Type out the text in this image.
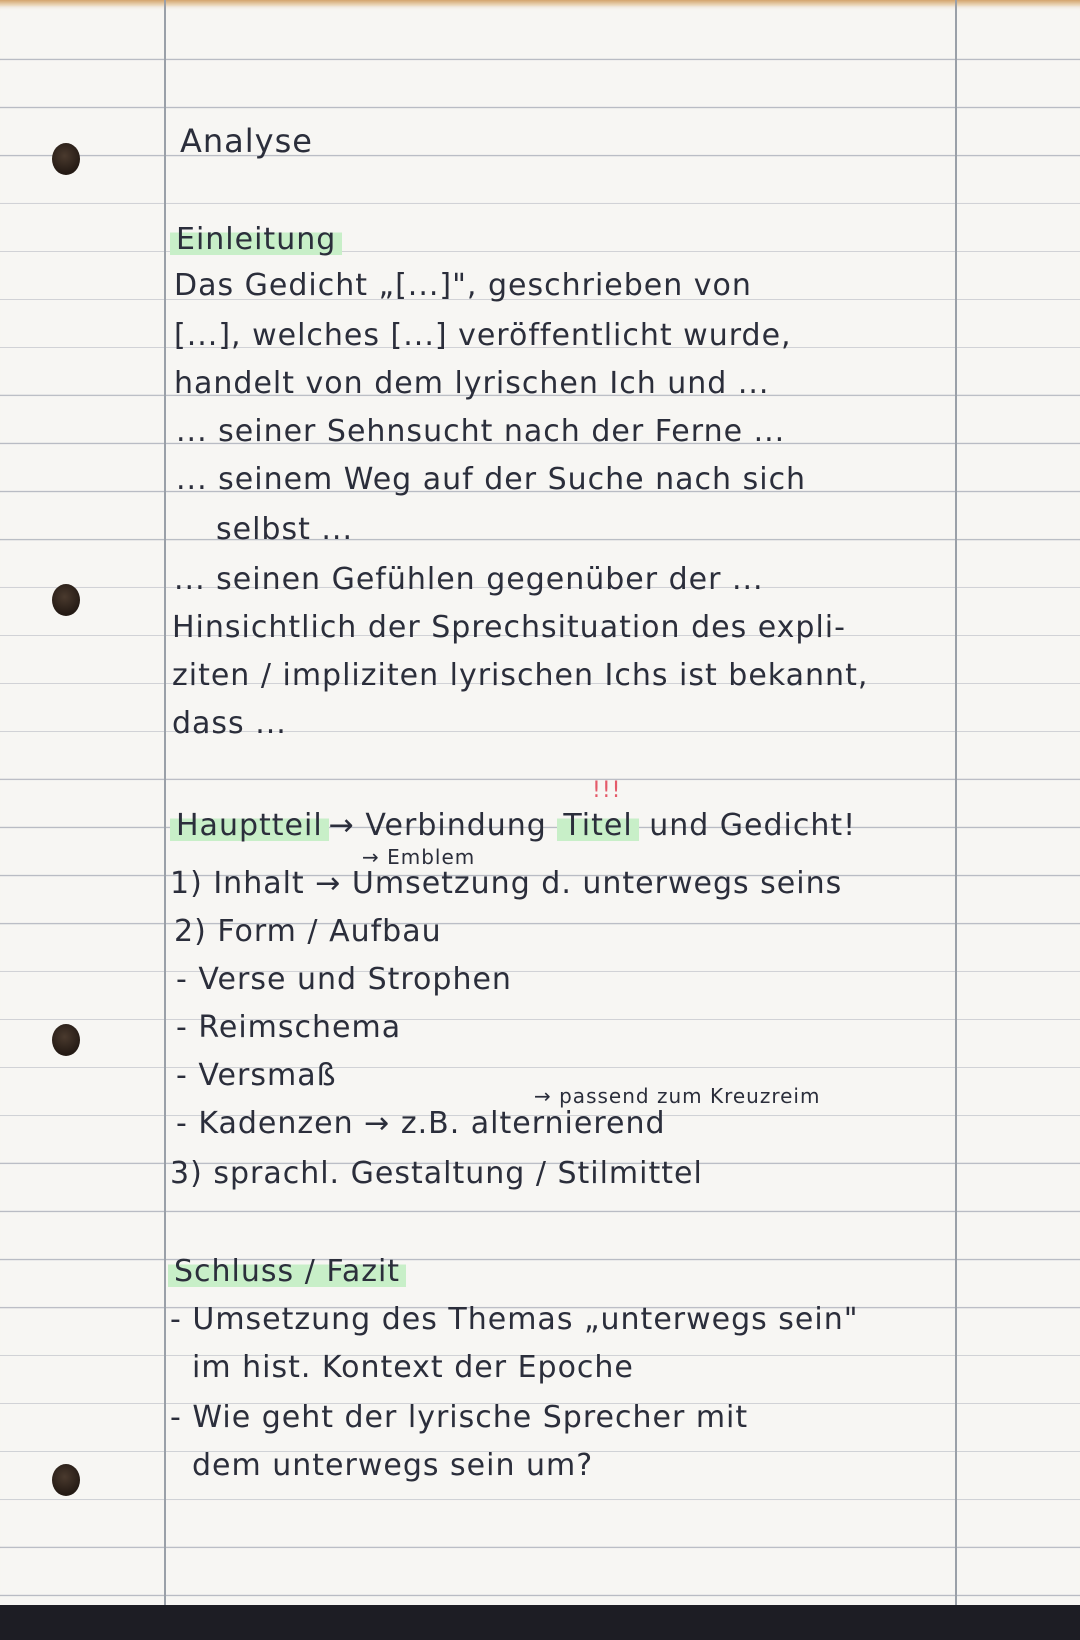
Analyse
Einleitung
Das Gedicht „[...]", geschrieben von
[...], welches [...] veröffentlicht wurde,
handelt von dem lyrischen Ich und ...
... seiner Sehnsucht nach der Ferne ...
... seinem Weg auf der Suche nach sich
selbst ...
... seinen Gefühlen gegenüber der ...
Hinsichtlich der Sprechsituation des expli-
ziten / impliziten lyrischen Ichs ist bekannt,
dass ...
!!!
Hauptteil → Verbindung Titel und Gedicht!
→ Emblem
1) Inhalt → Umsetzung d. unterwegs seins
2) Form / Aufbau
- Verse und Strophen
- Reimschema
- Versmaß
→ passend zum Kreuzreim
- Kadenzen → z.B. alternierend
3) sprachl. Gestaltung / Stilmittel
Schluss / Fazit
- Umsetzung des Themas „unterwegs sein"
im hist. Kontext der Epoche
- Wie geht der lyrische Sprecher mit
dem unterwegs sein um?
